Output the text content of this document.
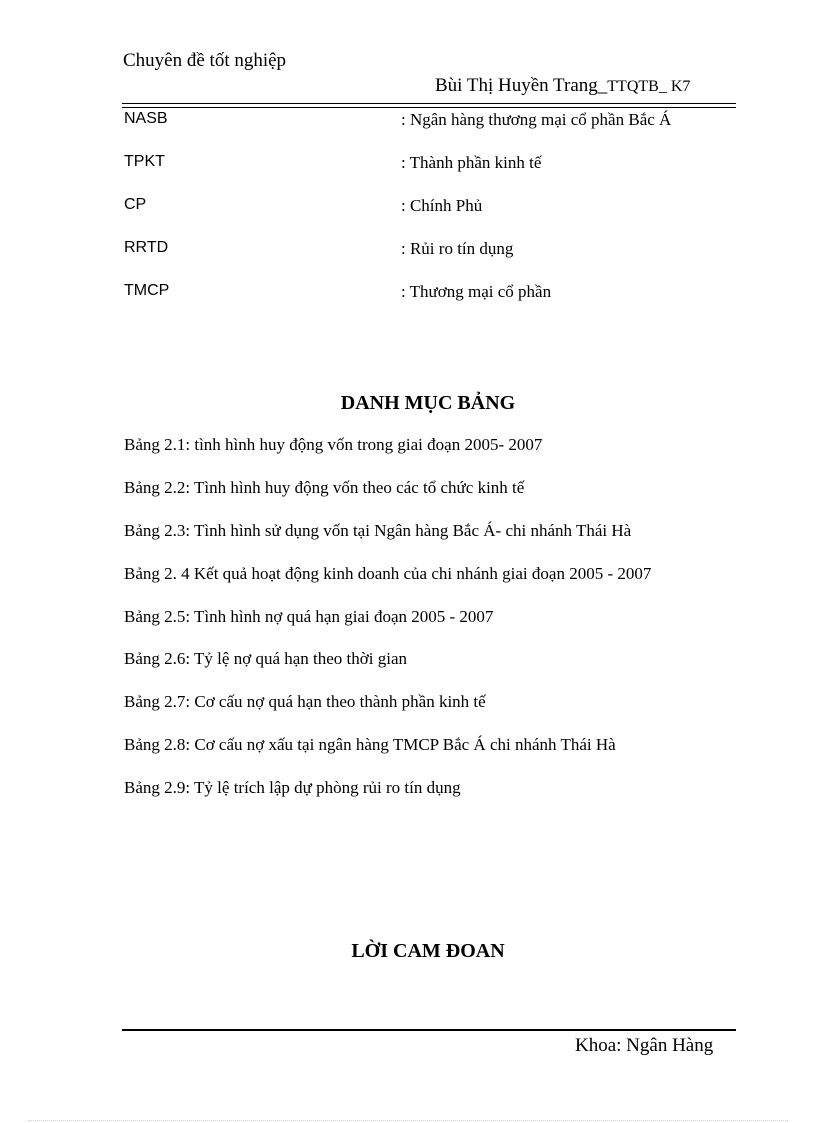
Chuyên đề tốt nghiệp
Bùi Thị Huyền Trang_TTQTB_ K7
NASB	: Ngân hàng thương mại cổ phần Bắc Á
TPKT	: Thành phần kinh tế
CP	: Chính Phủ
RRTD	: Rủi ro tín dụng
TMCP	: Thương mại cổ phần
DANH MỤC BẢNG
Bảng 2.1: tình hình huy động vốn trong giai đoạn 2005- 2007
Bảng 2.2: Tình hình huy động vốn theo các tổ chức kinh tế
Bảng 2.3: Tình hình sử dụng vốn tại Ngân hàng Bắc Á- chi nhánh Thái Hà
Bảng 2. 4 Kết quả hoạt động kinh doanh của chi nhánh giai đoạn 2005 - 2007
Bảng 2.5: Tình hình nợ quá hạn giai đoạn 2005 - 2007
Bảng 2.6: Tỷ lệ nợ quá hạn theo thời gian
Bảng 2.7: Cơ cấu nợ quá hạn theo thành phần kinh tế
Bảng 2.8: Cơ cấu nợ xấu tại ngân hàng TMCP Bắc Á chi nhánh Thái Hà
Bảng 2.9: Tỷ lệ trích lập dự phòng rủi ro tín dụng
LỜI CAM ĐOAN
Khoa: Ngân Hàng
